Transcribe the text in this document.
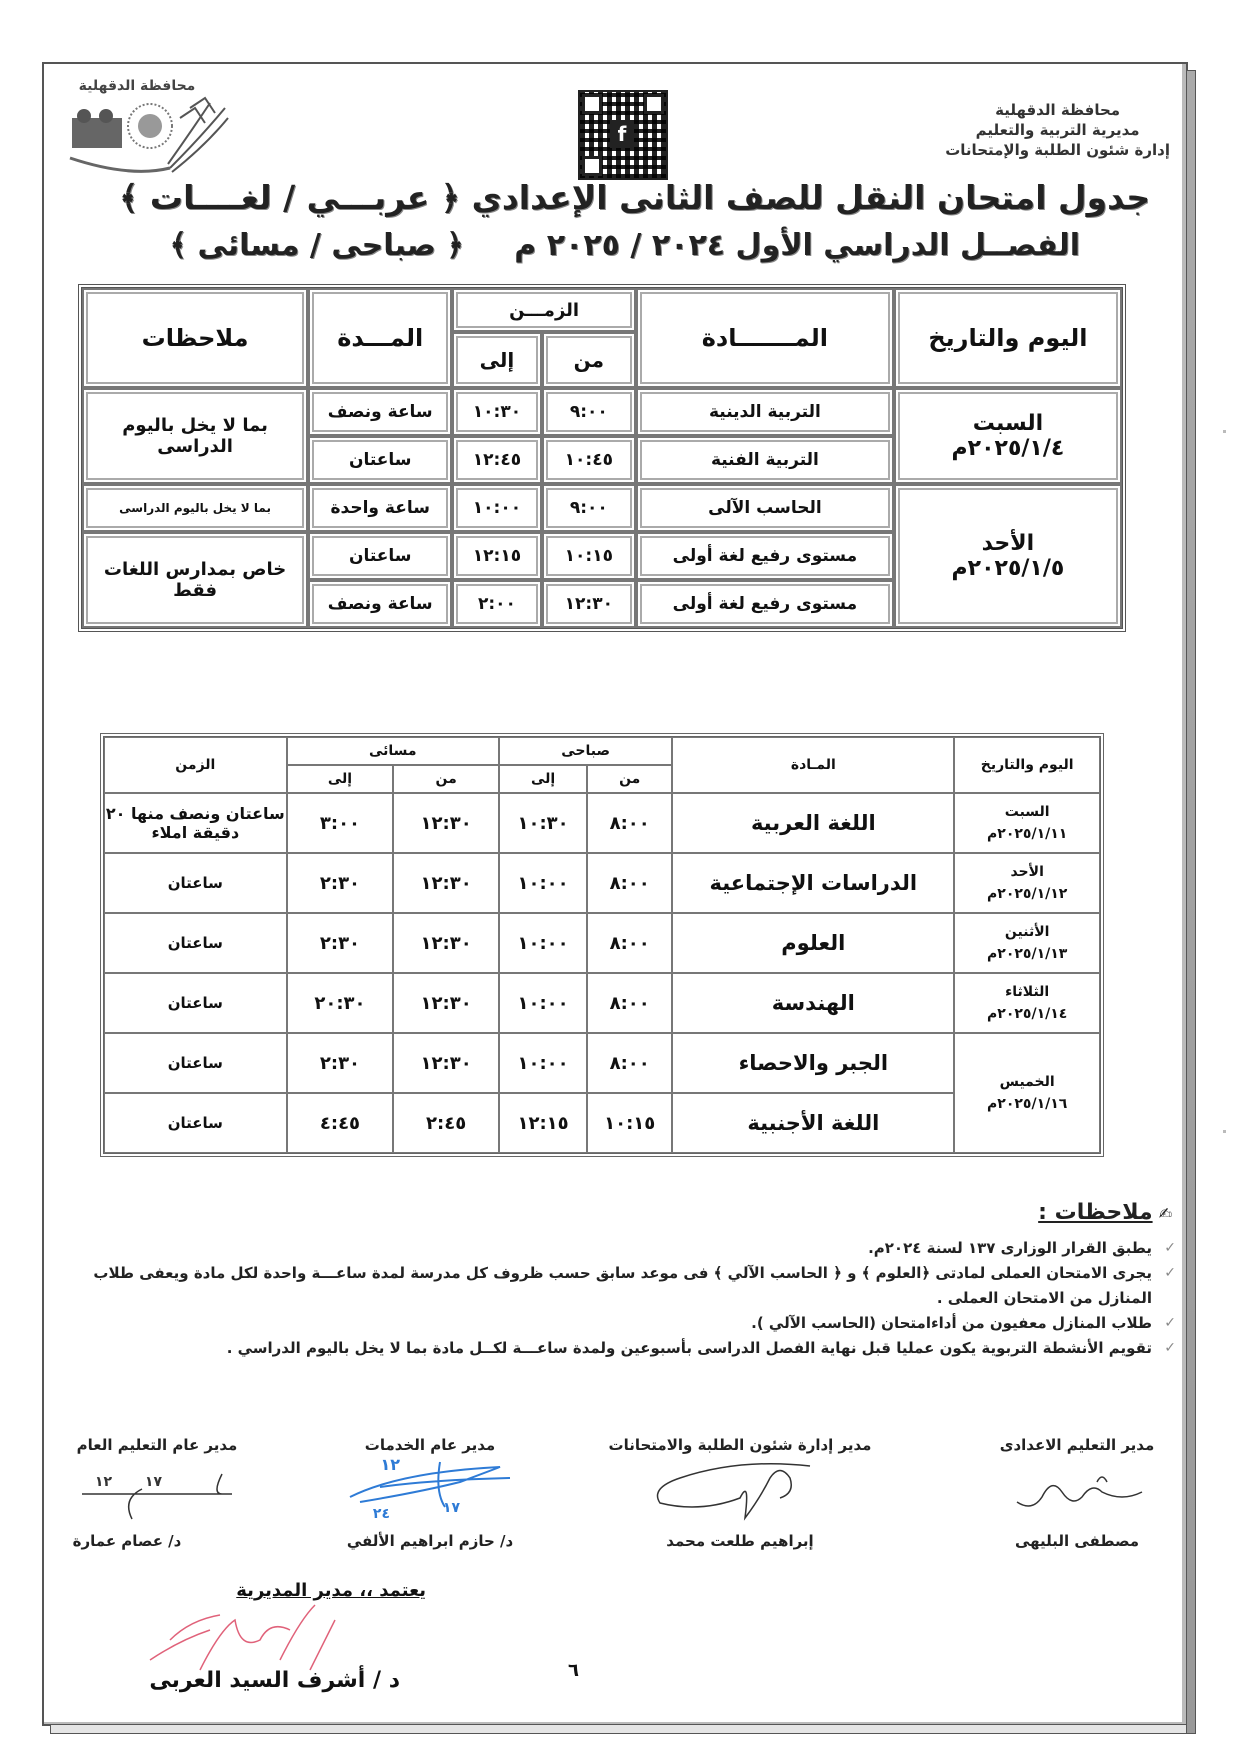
محافظة الدقهلية
مديرية التربية والتعليم
إدارة شئون الطلبة والإمتحانات
f
محافظة الدقهلية
جدول امتحان النقل للصف الثانى الإعدادي ﴿ عربـــي / لغــــات ﴾
الفصــل الدراسي الأول ٢٠٢٤ / ٢٠٢٥ م ﴿ صباحى / مسائى ﴾
اليوم والتاريخ	المـــــــادة	الزمـــن		المـــدة	ملاحظات
		من	إلى		

السبت
٢٠٢٥/١/٤م	التربية الدينية	٩:٠٠	١٠:٣٠	ساعة ونصف	بما لا يخل باليوم الدراسى
	التربية الفنية	١٠:٤٥	١٢:٤٥	ساعتان	

الأحد
٢٠٢٥/١/٥م	الحاسب الآلى	٩:٠٠	١٠:٠٠	ساعة واحدة	بما لا يخل باليوم الدراسى
	مستوى رفيع لغة أولى	١٠:١٥	١٢:١٥	ساعتان	خاص بمدارس اللغات فقط
	مستوى رفيع لغة أولى	١٢:٣٠	٢:٠٠	ساعة ونصف	
اليوم والتاريخ	المـادة	صباحى		مسائى		الزمن
		من	إلى	من	إلى	

السبت
٢٠٢٥/١/١١م	اللغة العربية	٨:٠٠	١٠:٣٠	١٢:٣٠	٣:٠٠	ساعتان ونصف منها ٢٠ دقيقة املاء

الأحد
٢٠٢٥/١/١٢م	الدراسات الإجتماعية	٨:٠٠	١٠:٠٠	١٢:٣٠	٢:٣٠	ساعتان

الأثنين
٢٠٢٥/١/١٣م	العلوم	٨:٠٠	١٠:٠٠	١٢:٣٠	٢:٣٠	ساعتان

الثلاثاء
٢٠٢٥/١/١٤م	الهندسة	٨:٠٠	١٠:٠٠	١٢:٣٠	٢٠:٣٠	ساعتان

الخميس
٢٠٢٥/١/١٦م	الجبر والاحصاء	٨:٠٠	١٠:٠٠	١٢:٣٠	٢:٣٠	ساعتان
	اللغة الأجنبية	١٠:١٥	١٢:١٥	٢:٤٥	٤:٤٥	ساعتان
✍ملاحظات :
✓
يطبق القرار الوزارى ١٣٧ لسنة ٢٠٢٤م.
✓
يجرى الامتحان العملى لمادتى ﴿العلوم ﴾ و ﴿ الحاسب الآلي ﴾ فى موعد سابق حسب ظروف كل مدرسة لمدة ساعـــة واحدة لكل مادة ويعفى طلاب المنازل من الامتحان العملى .
✓
طلاب المنازل معفيون من أداءامتحان (الحاسب الآلي ).
✓
تقويم الأنشطة التربوية يكون عمليا قبل نهاية الفصل الدراسى بأسبوعين ولمدة ساعـــة لكــل مادة بما لا يخل باليوم الدراسي .
مدير التعليم الاعدادى
مصطفى البليهى
مدير إدارة شئون الطلبة والامتحانات
إبراهيم طلعت محمد
مدير عام الخدمات
١٢
١٧
٢٤
د/ حازم ابراهيم الألفي
مدير عام التعليم العام
١٧
١٢
د/ عصام عمارة
يعتمد ،، مدير المديرية
د / أشرف السيد العربى	٦
